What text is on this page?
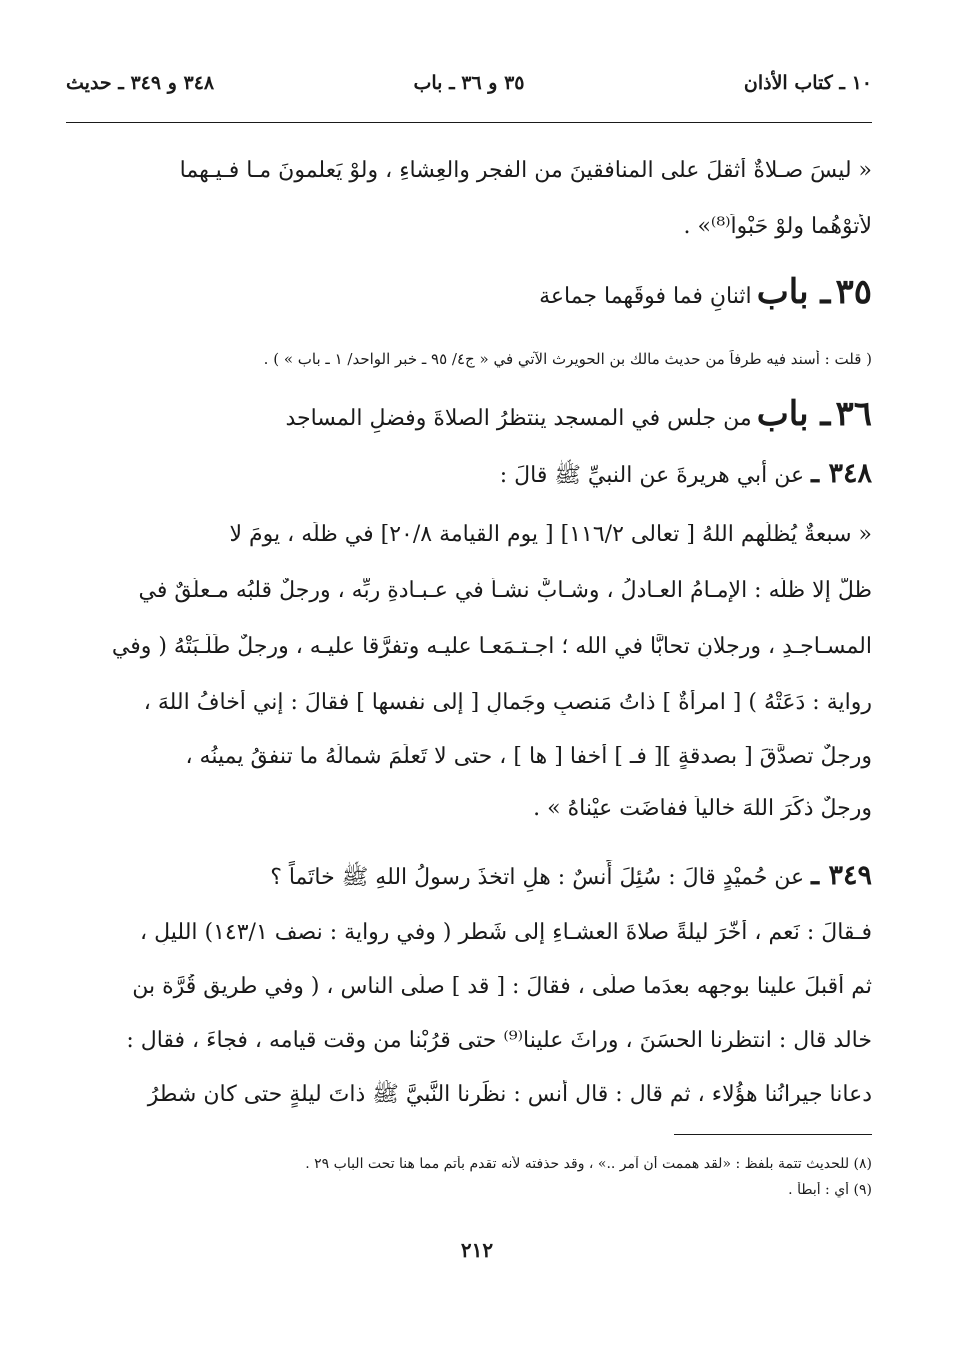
١٠ ـ كتاب الأذان
٣٥ و ٣٦ ـ باب
٣٤٨ و ٣٤٩ ـ حديث
« ليسَ صـلاةٌ أثقلَ على المنافقينَ من الفجرِ والعِشاءِ ، ولوْ يَعلمونَ مـا فـيـهما
لأَتوْهُما ولوْ حَبْواً⁽⁸⁾» .
٣٥ ـ باب اثنانِ فما فوقَهما جماعة
( قلت : أسند فيه طرفاً من حديث مالك بن الحويرث الآتي في « ج٤/ ٩٥ ـ خبر الواحد/ ١ ـ باب » ) .
٣٦ ـ باب من جلس في المسجد ينتظرُ الصلاةَ وفضلِ المساجد
٣٤٨ ـ عن أبي هريرةَ عن النبيِّ ﷺ قالَ :
« سبعةٌ يُظلُّهم اللهُ [ تعالى ١١٦/٢] [ يوم القيامة ٢٠/٨] في ظلِّه ، يومَ لا
ظلَّ إلا ظلُّه : الإمـامُ العـادلُ ، وشـابٌّ نشـأَ في عـبـادةِ ربِّه ، ورجلٌ قلبُه مـعلَّقٌ في
المسـاجـدِ ، ورجلانِ تحابَّا في الله ؛ اجـتـمَعـا عليـه وتفرَّقا عليـه ، ورجلٌ طَلَـبَتْهُ ( وفي
رواية : دَعَتْهُ ) [ امرأةٌ ] ذاتُ مَنصبٍ وجَمالٍ [ إلى نفسها ] فقالَ : إني أخافُ اللهَ ،
ورجلٌ تصدَّقَ [ بصدقةٍ ][ فـ ] أخفا [ ها ] ، حتى لا تَعلَمَ شمالُهُ ما تنفقُ يمينُه ،
ورجلٌ ذكَرَ اللهَ خالياً ففاضَت عيْناهُ » .
٣٤٩ ـ عن حُميْدٍ قالَ : سُئِلَ أَنسٌ : هلِ اتخذَ رسولُ اللهِ ﷺ خاتَماً ؟
فـقالَ : نَعم ، أخَّرَ ليلةً صلاةَ العشـاءِ إلى شَطرِ ( وفي رواية : نصف ١٤٣/١) الليلِ ،
ثم أَقبلَ علينا بوجهِه بعدَما صلَّى ، فقالَ : [ قد ] صلَّى الناس ، ( وفي طريق قُرَّة بن
خالد قال : انتظرنا الحسَنَ ، وراثَ علينا⁽⁹⁾ حتى قرُبْنا من وقت قيامه ، فجاءَ ، فقال :
دعانا جيرانُنا هؤُلاء ، ثم قال : قال أَنس : نظَرنا النَّبيَّ ﷺ ذاتَ ليلةٍ حتى كان شطرُ
(٨) للحديث تتمة بلفظ : «لقد هممت أن آمر ..» ، وقد حذفته لأنه تقدم بأتم مما هنا تحت الباب ٢٩ .
(٩) أي : أبطأ .
٢١٢
